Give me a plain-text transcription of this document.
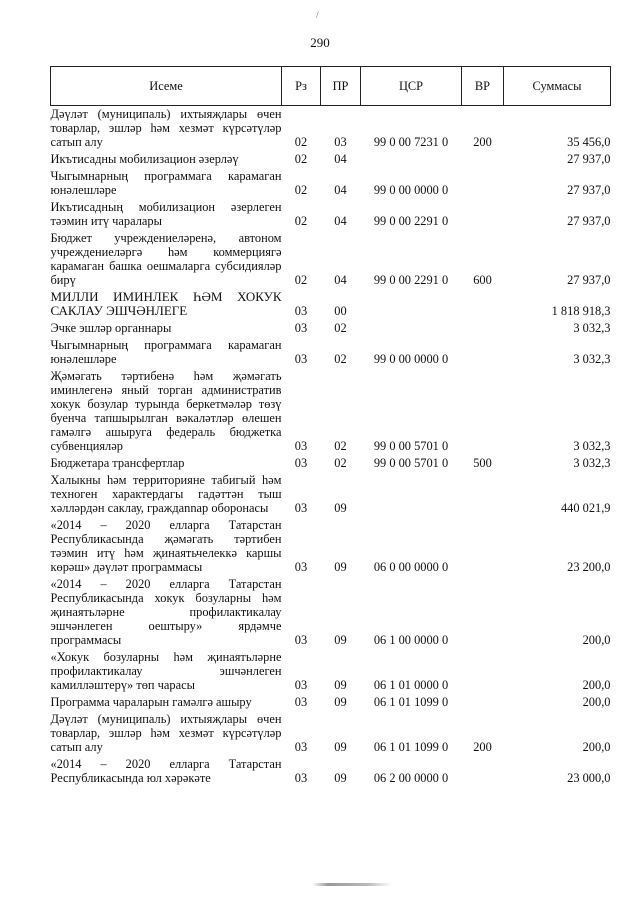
/
290
Исеме	Рз	ПР	ЦСР	ВР	Суммасы
Дәүләт (муниципаль) ихтыяҗлары өчен товарлар, эшләр һәм хезмәт күрсәтүләр сатып алу	02	03	99 0 00 7231 0	200	35 456,0
Икътисадны мобилизацион әзерләү	02	04			27 937,0
Чыгымнарның программага карамаган юнәлешләре	02	04	99 0 00 0000 0		27 937,0
Икътисадның мобилизацион әзерлеген тәэмин итү чаралары	02	04	99 0 00 2291 0		27 937,0
Бюджет учреждениеләренә, автоном учреждениеләргә һәм коммерциягә карамаган башка оешмаларга субсидияләр бирү	02	04	99 0 00 2291 0	600	27 937,0
МИЛЛИ ИМИНЛЕК ҺӘМ ХОКУК САКЛАУ ЭШЧӘНЛЕГЕ	03	00			1 818 918,3
Эчке эшләр органнары	03	02			3 032,3
Чыгымнарның программага карамаган юнәлешләре	03	02	99 0 00 0000 0		3 032,3
Җәмәгать тәртибенә һәм җәмәгать иминлегенә яный торган административ хокук бозулар турында беркетмәләр төзү буенча тапшырылган вәкаләтләр өлешен гамәлгә ашыруга федераль бюджетка субвенцияләр	03	02	99 0 00 5701 0		3 032,3
Бюджетара трансфертлар	03	02	99 0 00 5701 0	500	3 032,3
Халыкны һәм территорияне табигый һәм техноген характердагы гадәттән тыш хәлләрдән саклау, граждannар оборонасы	03	09			440 021,9
«2014 – 2020 елларга Татарстан Республикасында җәмәгать тәртибен тәэмин итү һәм җинаятьчелеккә каршы көрәш» дәүләт программасы	03	09	06 0 00 0000 0		23 200,0
«2014 – 2020 елларга Татарстан Республикасында хокук бозуларны һәм җинаятьләрне профилактикалау эшчәнлеген оештыру» ярдәмче программасы	03	09	06 1 00 0000 0		200,0
«Хокук бозуларны һәм җинаятьләрне профилактикалау эшчәнлеген камилләштерү» төп чарасы	03	09	06 1 01 0000 0		200,0
Программа чараларын гамәлгә ашыру	03	09	06 1 01 1099 0		200,0
Дәүләт (муниципаль) ихтыяҗлары өчен товарлар, эшләр һәм хезмәт күрсәтүләр сатып алу	03	09	06 1 01 1099 0	200	200,0
«2014 – 2020 елларга Татарстан Республикасында юл хәрәкәте	03	09	06 2 00 0000 0		23 000,0
